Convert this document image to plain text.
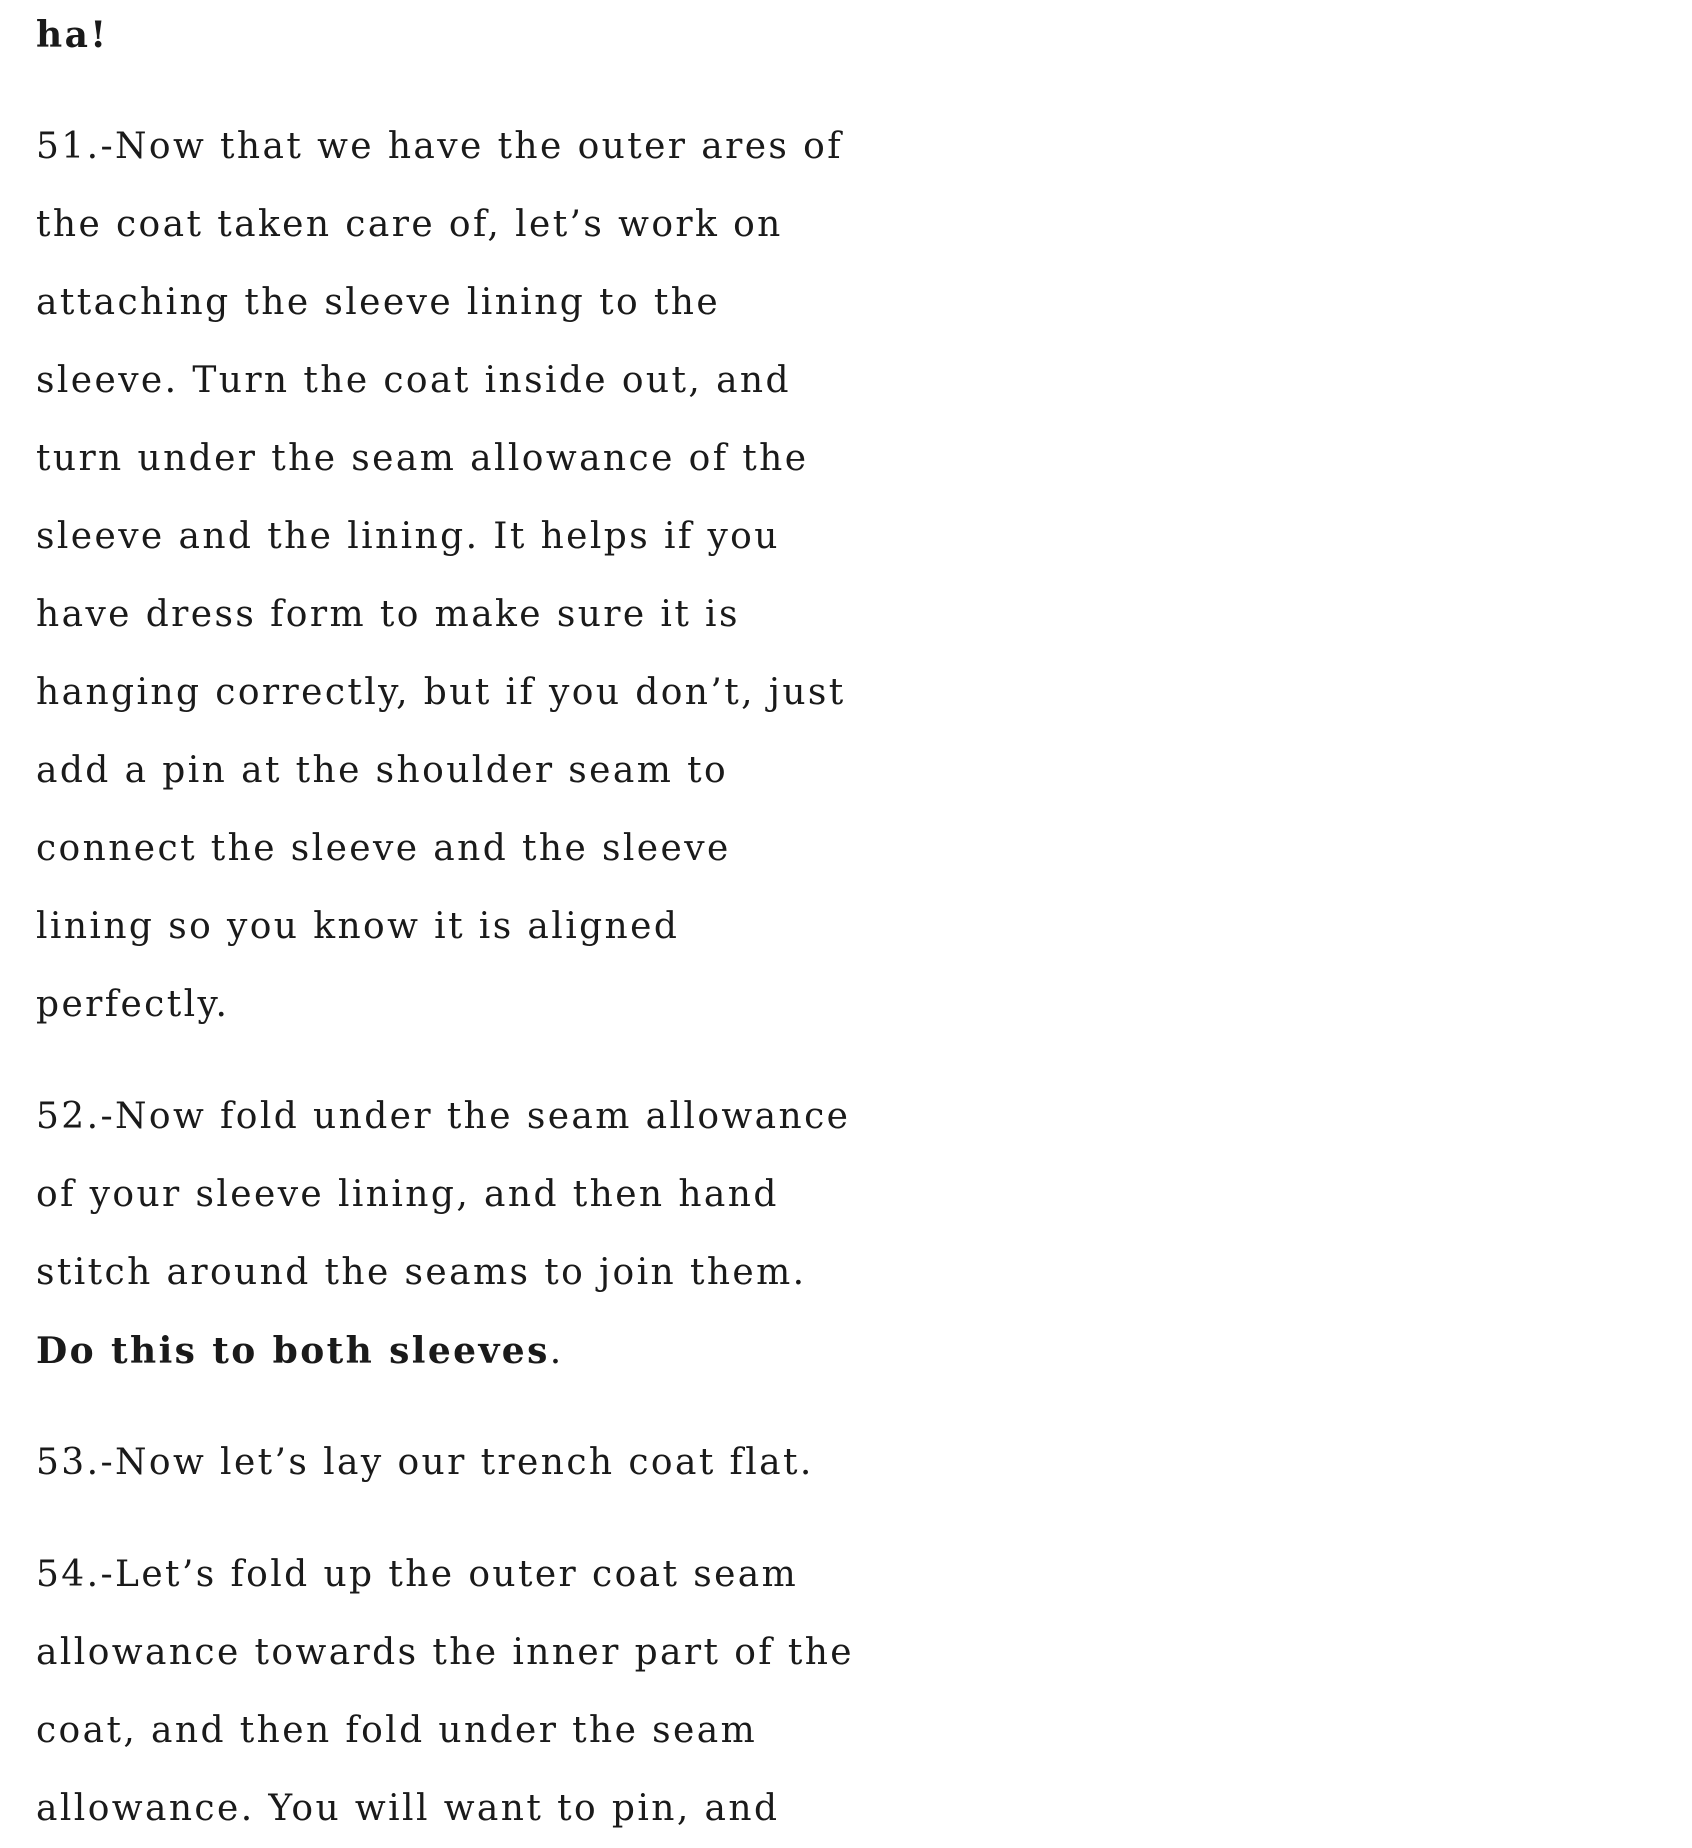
ha!

51.-Now that we have the outer ares of
the coat taken care of, let’s work on
attaching the sleeve lining to the
sleeve. Turn the coat inside out, and
turn under the seam allowance of the
sleeve and the lining. It helps if you
have dress form to make sure it is
hanging correctly, but if you don’t, just
add a pin at the shoulder seam to
connect the sleeve and the sleeve
lining so you know it is aligned
perfectly.

52.-Now fold under the seam allowance
of your sleeve lining, and then hand
stitch around the seams to join them.
Do this to both sleeves.

53.-Now let’s lay our trench coat flat.

54.-Let’s fold up the outer coat seam
allowance towards the inner part of the
coat, and then fold under the seam
allowance. You will want to pin, and
